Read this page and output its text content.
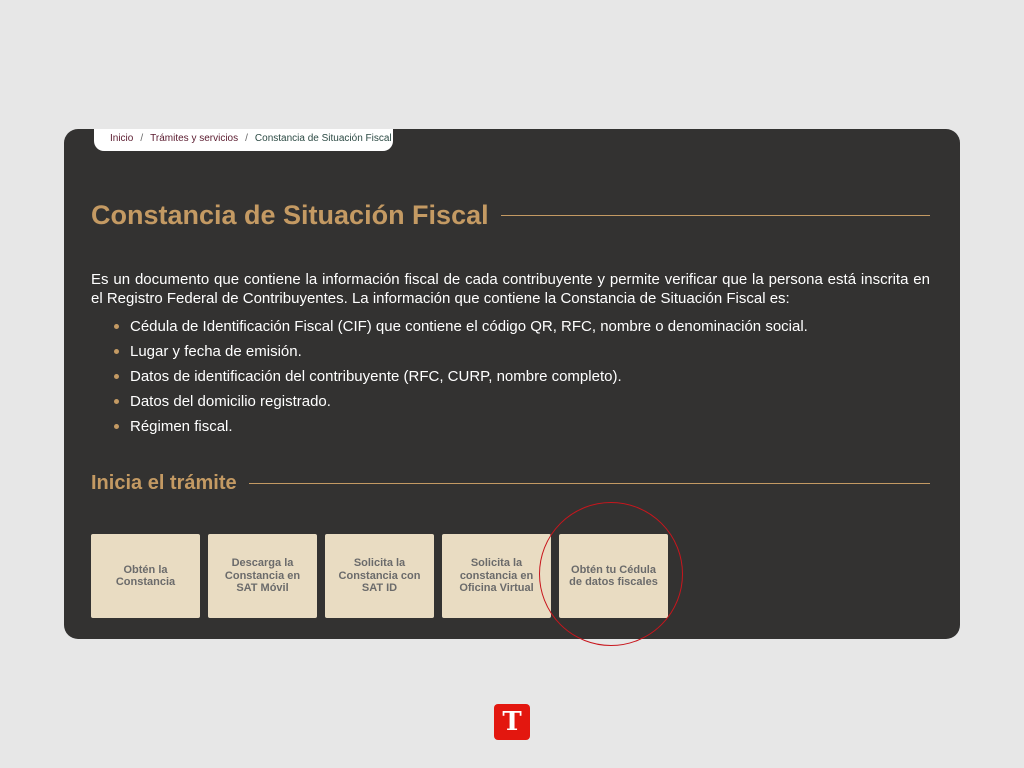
Inicio / Trámites y servicios / Constancia de Situación Fiscal
Constancia de Situación Fiscal

Es un documento que contiene la información fiscal de cada contribuyente y permite verificar que la persona está inscrita en el Registro Federal de Contribuyentes. La información que contiene la Constancia de Situación Fiscal es:

Cédula de Identificación Fiscal (CIF) que contiene el código QR, RFC, nombre o denominación social.
Lugar y fecha de emisión.
Datos de identificación del contribuyente (RFC, CURP, nombre completo).
Datos del domicilio registrado.
Régimen fiscal.
Inicia el trámite
Obtén la Constancia
Descarga la Constancia en SAT Móvil
Solicita la Constancia con SAT ID
Solicita la constancia en Oficina Virtual
Obtén tu Cédula de datos fiscales
T
